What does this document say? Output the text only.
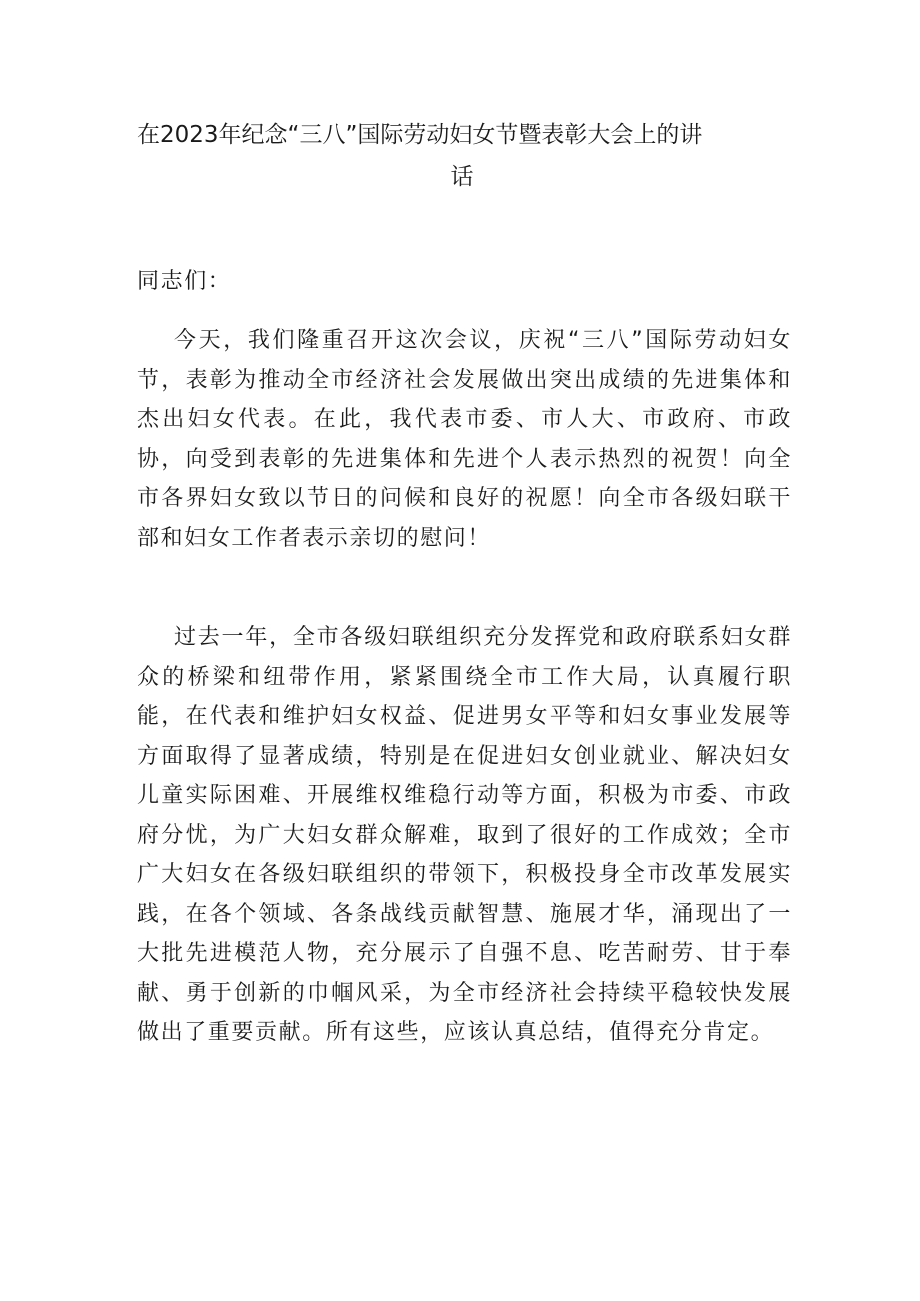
在2023年纪念“三八”国际劳动妇女节暨表彰大会上的讲
话

同志们：

今天，我们隆重召开这次会议，庆祝“三八”国际劳动妇女节，表彰为推动全市经济社会发展做出突出成绩的先进集体和杰出妇女代表。在此，我代表市委、市人大、市政府、市政协，向受到表彰的先进集体和先进个人表示热烈的祝贺！向全市各界妇女致以节日的问候和良好的祝愿！向全市各级妇联干部和妇女工作者表示亲切的慰问！

过去一年，全市各级妇联组织充分发挥党和政府联系妇女群众的桥梁和纽带作用，紧紧围绕全市工作大局，认真履行职能，在代表和维护妇女权益、促进男女平等和妇女事业发展等方面取得了显著成绩，特别是在促进妇女创业就业、解决妇女儿童实际困难、开展维权维稳行动等方面，积极为市委、市政府分忧，为广大妇女群众解难，取到了很好的工作成效；全市广大妇女在各级妇联组织的带领下，积极投身全市改革发展实践，在各个领域、各条战线贡献智慧、施展才华，涌现出了一大批先进模范人物，充分展示了自强不息、吃苦耐劳、甘于奉献、勇于创新的巾帼风采，为全市经济社会持续平稳较快发展做出了重要贡献。所有这些，应该认真总结，值得充分肯定。
